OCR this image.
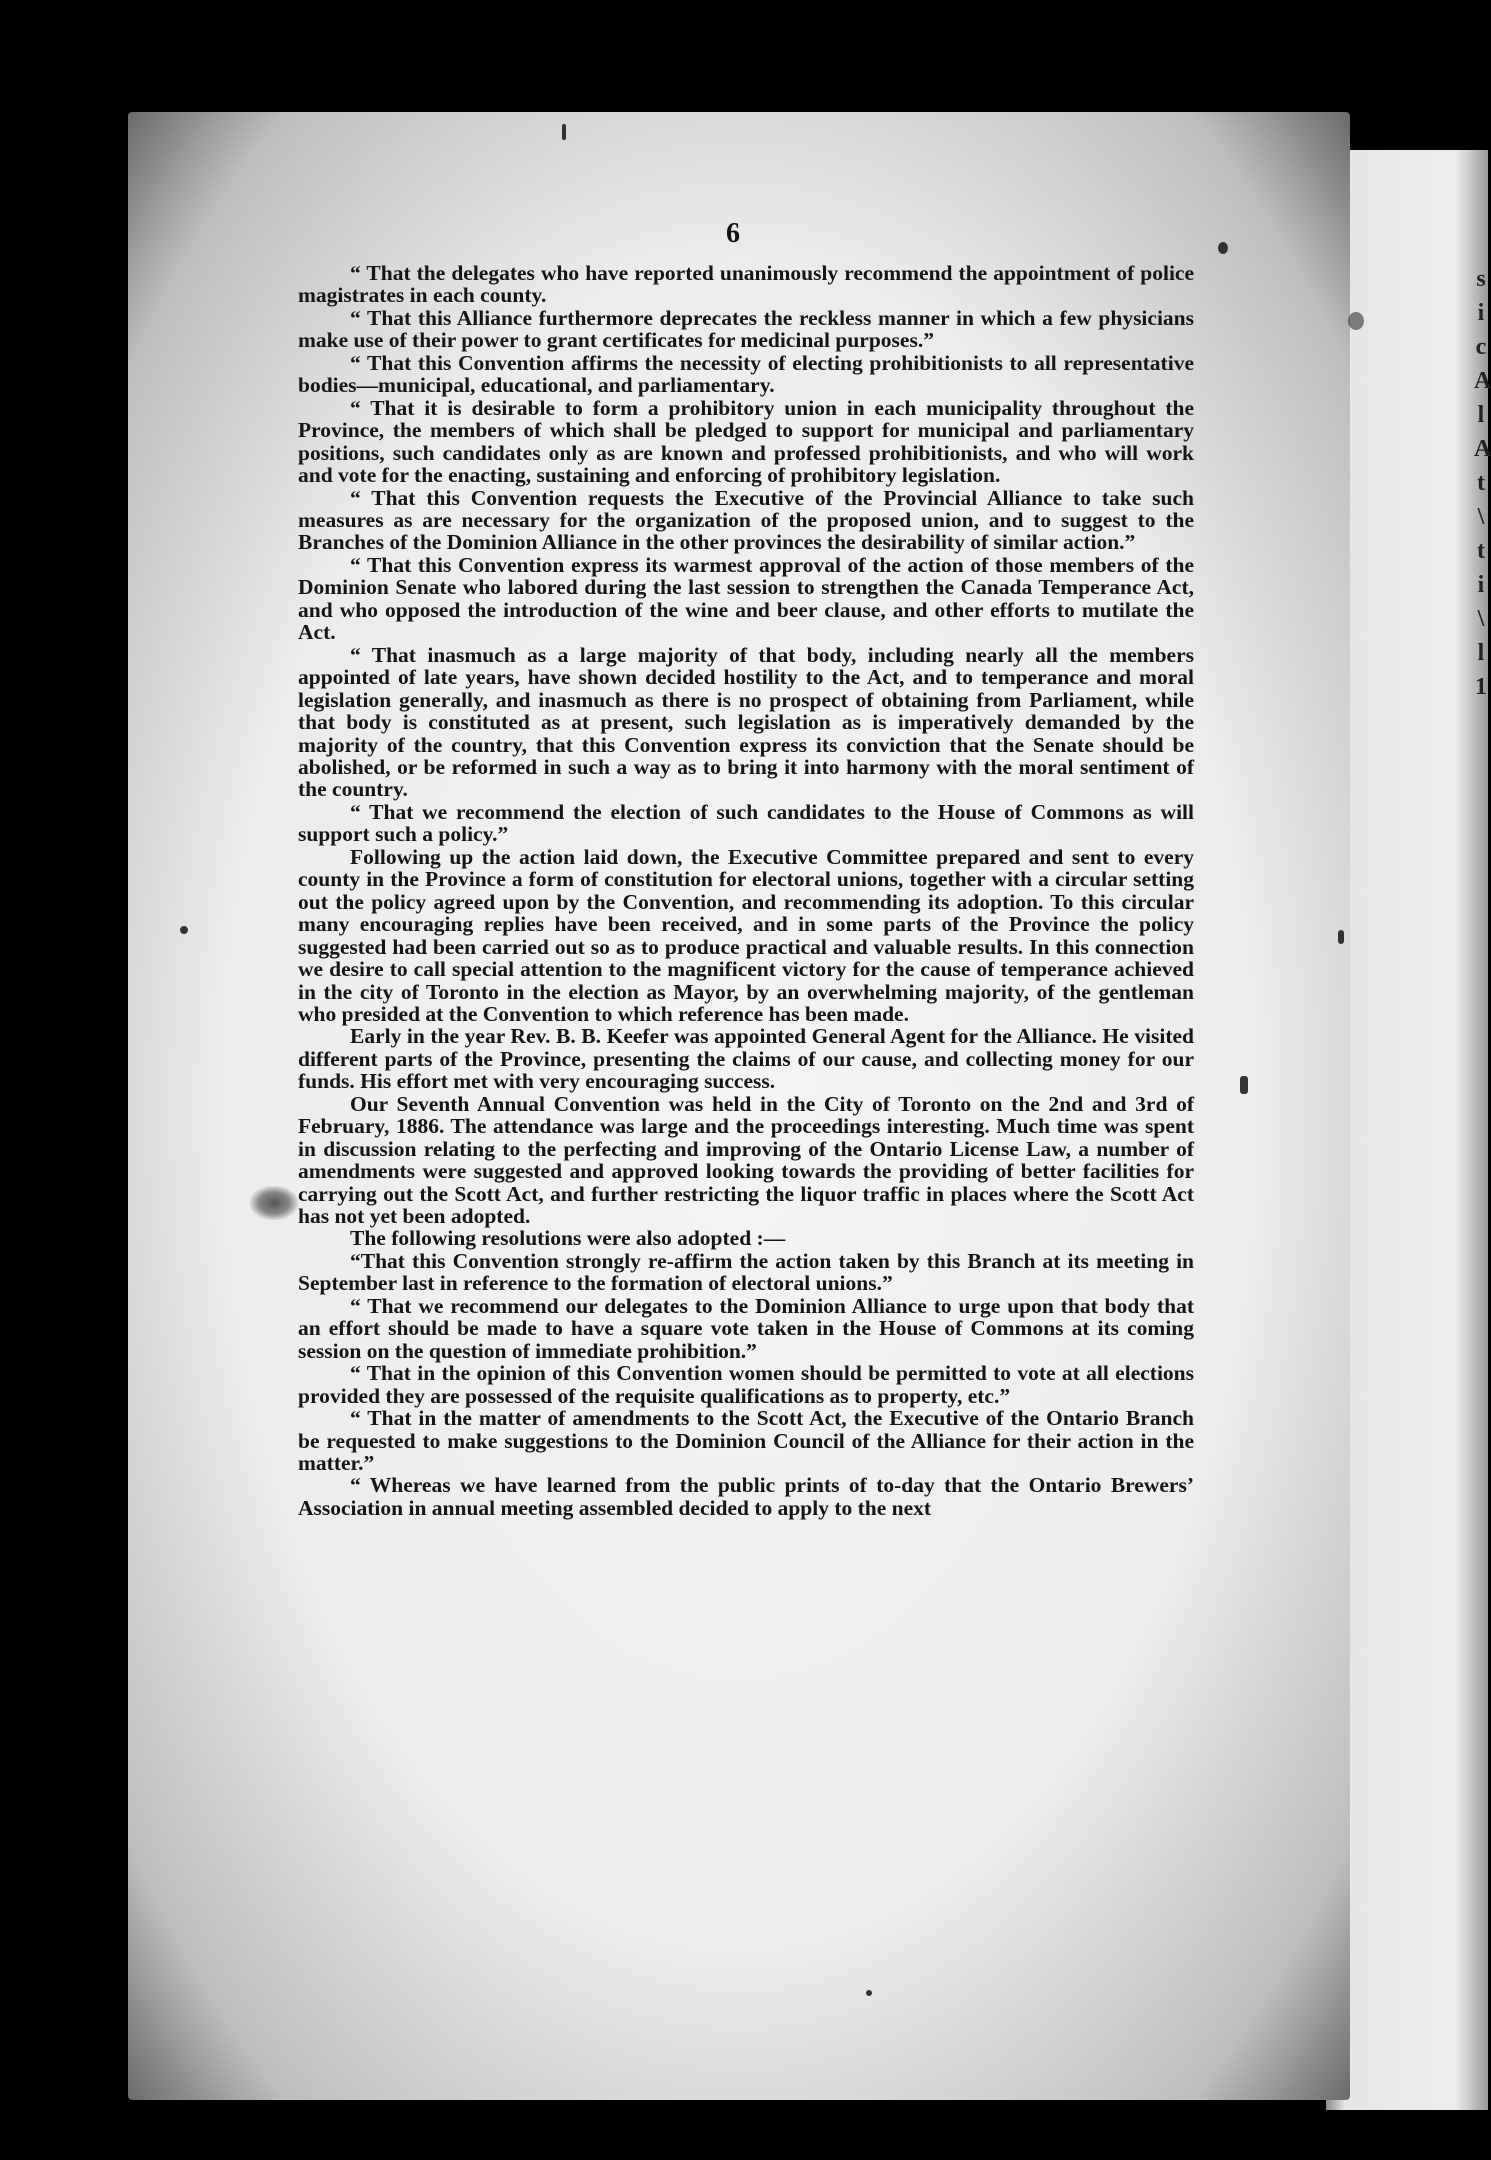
s
i
c
A
l
A
t
\
t
i
\
l
1
6

“ That the delegates who have reported unanimously recommend the appointment of police magistrates in each county.

“ That this Alliance furthermore deprecates the reckless manner in which a few physicians make use of their power to grant certificates for medicinal purposes.”

“ That this Convention affirms the necessity of electing prohibitionists to all representative bodies—municipal, educational, and parliamentary.

“ That it is desirable to form a prohibitory union in each municipality throughout the Province, the members of which shall be pledged to support for municipal and parliamentary positions, such candidates only as are known and professed prohibitionists, and who will work and vote for the enacting, sustaining and enforcing of prohibitory legislation.

“ That this Convention requests the Executive of the Provincial Alliance to take such measures as are necessary for the organization of the proposed union, and to suggest to the Branches of the Dominion Alliance in the other provinces the desirability of similar action.”

“ That this Convention express its warmest approval of the action of those members of the Dominion Senate who labored during the last session to strengthen the Canada Temperance Act, and who opposed the introduction of the wine and beer clause, and other efforts to mutilate the Act.

“ That inasmuch as a large majority of that body, including nearly all the members appointed of late years, have shown decided hostility to the Act, and to temperance and moral legislation generally, and inasmuch as there is no prospect of obtaining from Parliament, while that body is constituted as at present, such legislation as is imperatively demanded by the majority of the country, that this Convention express its conviction that the Senate should be abolished, or be reformed in such a way as to bring it into harmony with the moral sentiment of the country.

“ That we recommend the election of such candidates to the House of Commons as will support such a policy.”

Following up the action laid down, the Executive Committee prepared and sent to every county in the Province a form of constitution for electoral unions, together with a circular setting out the policy agreed upon by the Convention, and recommending its adoption. To this circular many encouraging replies have been received, and in some parts of the Province the policy suggested had been carried out so as to produce practical and valuable results. In this connection we desire to call special attention to the magnificent victory for the cause of temperance achieved in the city of Toronto in the election as Mayor, by an overwhelming majority, of the gentleman who presided at the Convention to which reference has been made.

Early in the year Rev. B. B. Keefer was appointed General Agent for the Alliance. He visited different parts of the Province, presenting the claims of our cause, and collecting money for our funds. His effort met with very encouraging success.

Our Seventh Annual Convention was held in the City of Toronto on the 2nd and 3rd of February, 1886. The attendance was large and the proceedings interesting. Much time was spent in discussion relating to the perfecting and improving of the Ontario License Law, a number of amendments were suggested and approved looking towards the providing of better facilities for carrying out the Scott Act, and further restricting the liquor traffic in places where the Scott Act has not yet been adopted.

The following resolutions were also adopted :—

“That this Convention strongly re-affirm the action taken by this Branch at its meeting in September last in reference to the formation of electoral unions.”

“ That we recommend our delegates to the Dominion Alliance to urge upon that body that an effort should be made to have a square vote taken in the House of Commons at its coming session on the question of immediate prohibition.”

“ That in the opinion of this Convention women should be permitted to vote at all elections provided they are possessed of the requisite qualifications as to property, etc.”

“ That in the matter of amendments to the Scott Act, the Executive of the Ontario Branch be requested to make suggestions to the Dominion Council of the Alliance for their action in the matter.”

“ Whereas we have learned from the public prints of to-day that the Ontario Brewers’ Association in annual meeting assembled decided to apply to the next
